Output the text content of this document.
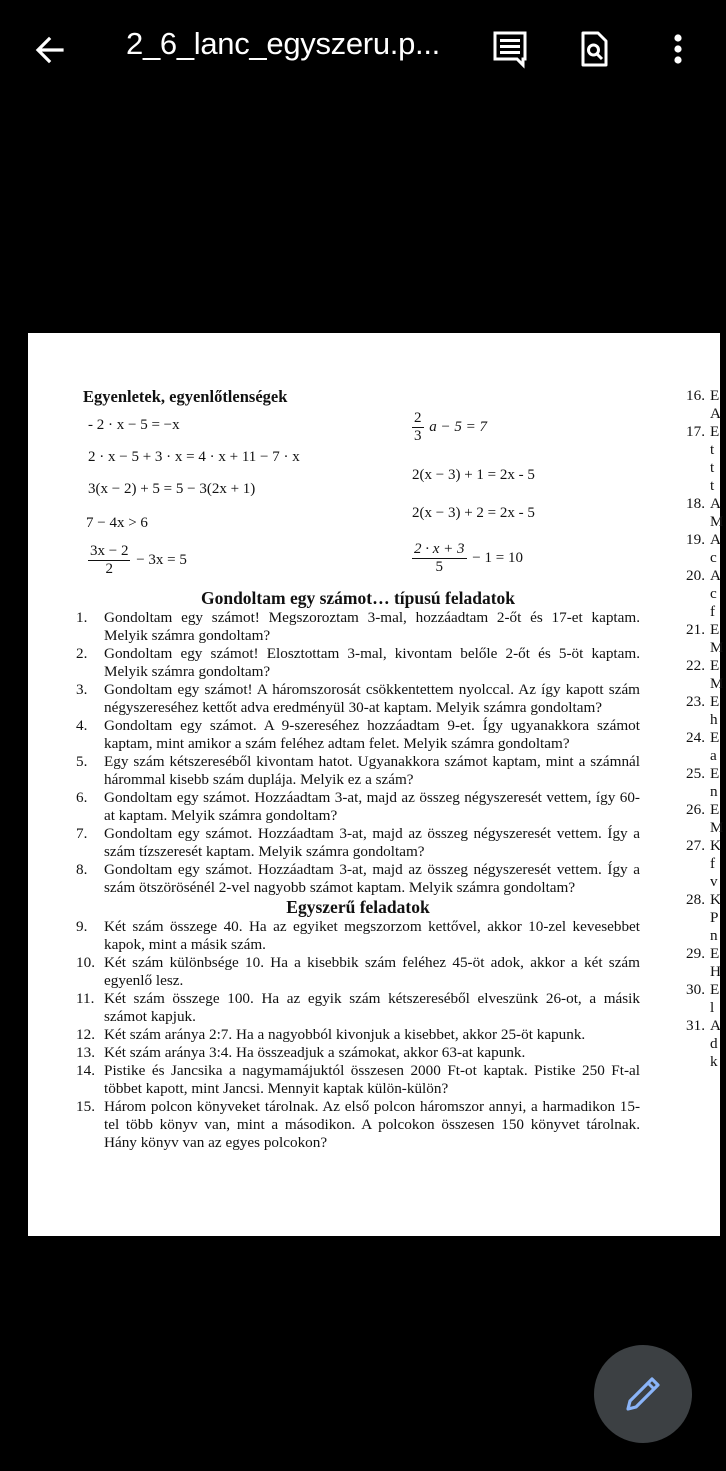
2_6_lanc_egyszeru.p...
Egyenletek, egyenlőtlenségek
- 2 · x − 5 = −x
2 · x − 5 + 3 · x = 4 · x + 11 − 7 · x
3(x − 2) + 5 = 5 − 3(2x + 1)
7 − 4x > 6
$\frac{3x - 2}{2} - 3x = 5$
$\frac{2}{3}$ a − 5 = 7
2(x − 3) + 1 = 2x - 5
2(x − 3) + 2 = 2x - 5
$\frac{2 \cdot x + 3}{5} - 1 = 10$
Gondoltam egy számot… típusú feladatok
1.	Gondoltam egy számot! Megszoroztam 3-mal, hozzáadtam 2-őt és 17-et kaptam. Melyik számra gondoltam?
2.	Gondoltam egy számot! Elosztottam 3-mal, kivontam belőle 2-őt és 5-öt kaptam. Melyik számra gondoltam?
3.	Gondoltam egy számot! A háromszorosát csökkentettem nyolccal. Az így kapott szám négyszereséhez kettőt adva eredményül 30-at kaptam. Melyik számra gondoltam?
4.	Gondoltam egy számot. A 9-szereséhez hozzáadtam 9-et. Így ugyanakkora számot kaptam, mint amikor a szám feléhez adtam felet. Melyik számra gondoltam?
5.	Egy szám kétszereséből kivontam hatot. Ugyanakkora számot kaptam, mint a számnál hárommal kisebb szám duplája. Melyik ez a szám?
6.	Gondoltam egy számot. Hozzáadtam 3-at, majd az összeg négyszeresét vettem, így 60-at kaptam. Melyik számra gondoltam?
7.	Gondoltam egy számot. Hozzáadtam 3-at, majd az összeg négyszeresét vettem. Így a szám tízszeresét kaptam. Melyik számra gondoltam?
8.	Gondoltam egy számot. Hozzáadtam 3-at, majd az összeg négyszeresét vettem. Így a szám ötszörösénél 2-vel nagyobb számot kaptam. Melyik számra gondoltam?
Egyszerű feladatok
9.	Két szám összege 40. Ha az egyiket megszorzom kettővel, akkor 10-zel kevesebbet kapok, mint a másik szám.
10. Két szám különbsége 10. Ha a kisebbik szám feléhez 45-öt adok, akkor a két szám egyenlő lesz.
11. Két szám összege 100. Ha az egyik szám kétszereséből elveszünk 26-ot, a másik számot kapjuk.
12. Két szám aránya 2:7. Ha a nagyobból kivonjuk a kisebbet, akkor 25-öt kapunk.
13. Két szám aránya 3:4. Ha összeadjuk a számokat, akkor 63-at kapunk.
14. Pistike és Jancsika a nagymamájuktól összesen 2000 Ft-ot kaptak. Pistike 250 Ft-al többet kapott, mint Jancsi. Mennyit kaptak külön-külön?
15. Három polcon könyveket tárolnak. Az első polcon háromszor annyi, a harmadikon 15-tel több könyv van, mint a másodikon. A polcokon összesen 150 könyvet tárolnak. Hány könyv van az egyes polcokon?
16. E
A
17. E
t
t
t
18. A
M
19. A
c
20. A
c
f
21. E
M
22. E
M
23. E
h
24. E
a
25. E
n
26. E
M
27. K
f
v
28. K
P
n
29. E
H
30. E
l
31. A
d
k
